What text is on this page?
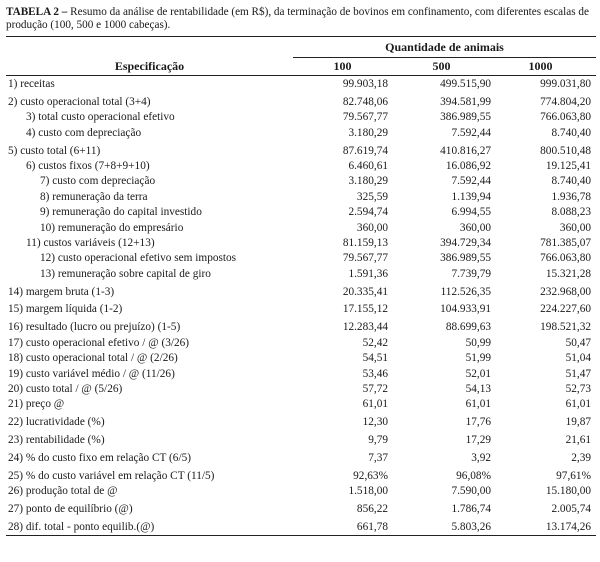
TABELA 2 – Resumo da análise de rentabilidade (em R$), da terminação de bovinos em confinamento, com diferentes escalas de produção (100, 500 e 1000 cabeças).

Quantidade de animais
Especificação	100	500	1000
1) receitas	99.903,18	499.515,90	999.031,80
2) custo operacional total (3+4)	82.748,06	394.581,99	774.804,20
3) total custo operacional efetivo	79.567,77	386.989,55	766.063,80
4) custo com depreciação	3.180,29	7.592,44	8.740,40
5) custo total (6+11)	87.619,74	410.816,27	800.510,48
6) custos fixos (7+8+9+10)	6.460,61	16.086,92	19.125,41
7) custo com depreciação	3.180,29	7.592,44	8.740,40
8) remuneração da terra	325,59	1.139,94	1.936,78
9) remuneração do capital investido	2.594,74	6.994,55	8.088,23
10) remuneração do empresário	360,00	360,00	360,00
11) custos variáveis (12+13)	81.159,13	394.729,34	781.385,07
12) custo operacional efetivo sem impostos	79.567,77	386.989,55	766.063,80
13) remuneração sobre capital de giro	1.591,36	7.739,79	15.321,28
14) margem bruta (1-3)	20.335,41	112.526,35	232.968,00
15) margem líquida (1-2)	17.155,12	104.933,91	224.227,60
16) resultado (lucro ou prejuízo) (1-5)	12.283,44	88.699,63	198.521,32
17) custo operacional efetivo / @ (3/26)	52,42	50,99	50,47
18) custo operacional total / @ (2/26)	54,51	51,99	51,04
19) custo variável médio / @ (11/26)	53,46	52,01	51,47
20) custo total / @ (5/26)	57,72	54,13	52,73
21) preço @	61,01	61,01	61,01
22) lucratividade (%)	12,30	17,76	19,87
23) rentabilidade (%)	9,79	17,29	21,61
24) % do custo fixo em relação CT (6/5)	7,37	3,92	2,39
25) % do custo variável em relação CT (11/5)	92,63%	96,08%	97,61%
26) produção total de @	1.518,00	7.590,00	15.180,00
27) ponto de equilíbrio (@)	856,22	1.786,74	2.005,74
28) dif. total - ponto equilib.(@)	661,78	5.803,26	13.174,26
